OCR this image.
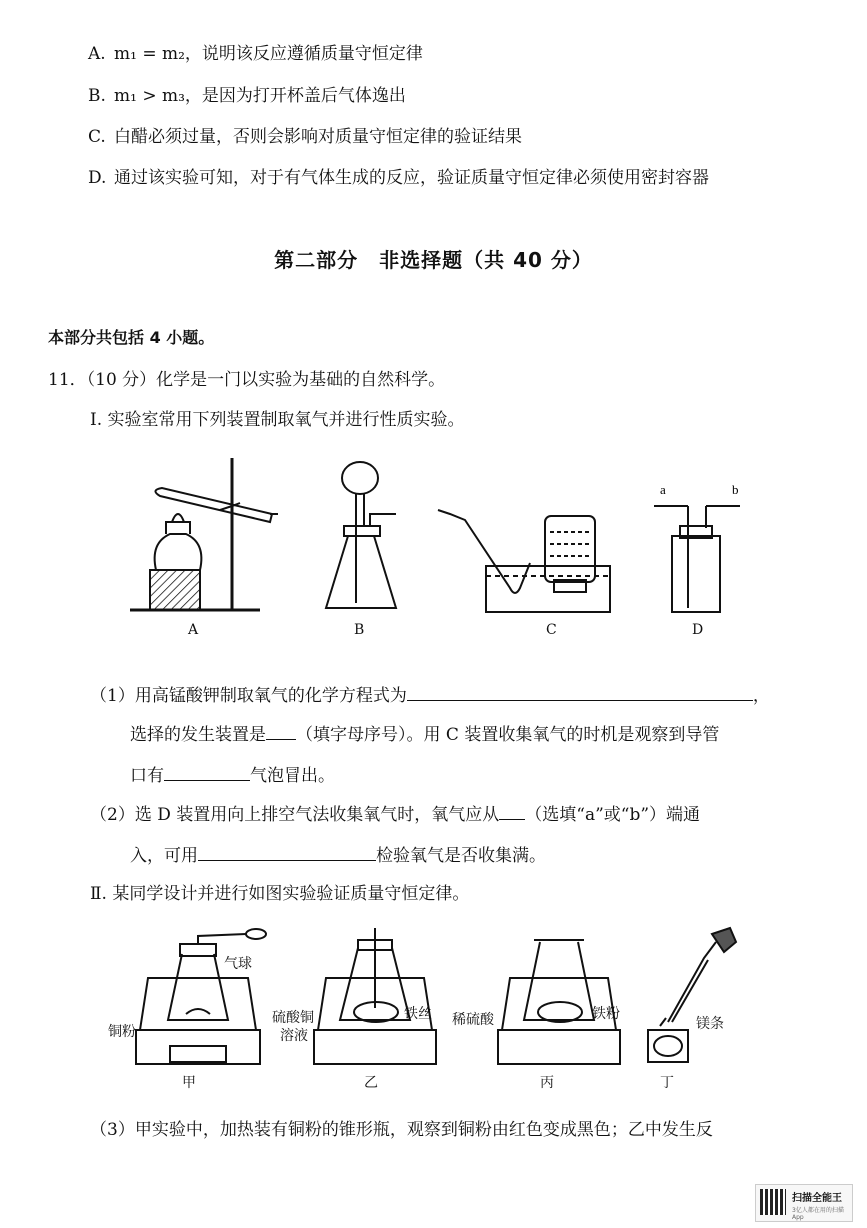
A. m₁ = m₂，说明该反应遵循质量守恒定律
B. m₁ > m₃，是因为打开杯盖后气体逸出
C. 白醋必须过量，否则会影响对质量守恒定律的验证结果
D. 通过该实验可知，对于有气体生成的反应，验证质量守恒定律必须使用密封容器
第二部分　非选择题（共 40 分）
本部分共包括 4 小题。
11．（10 分）化学是一门以实验为基础的自然科学。
Ⅰ. 实验室常用下列装置制取氧气并进行性质实验。
a	b
A	B	C	D
（1）用高锰酸钾制取氧气的化学方程式为	，
选择的发生装置是 （填字母序号）。用 C 装置收集氧气的时机是观察到导管
口有	气泡冒出。
（2）选 D 装置用向上排空气法收集氧气时，氧气应从 （选填“a”或“b”）端通
入，可用	检验氧气是否收集满。
Ⅱ. 某同学设计并进行如图实验验证质量守恒定律。
气球
铜粉
硫酸铜
溶液
铁丝 稀硫酸	铁粉
镁条
甲	乙	丙	丁
（3）甲实验中，加热装有铜粉的锥形瓶，观察到铜粉由红色变成黑色；乙中发生反
扫描全能王
3亿人都在用的扫描App
